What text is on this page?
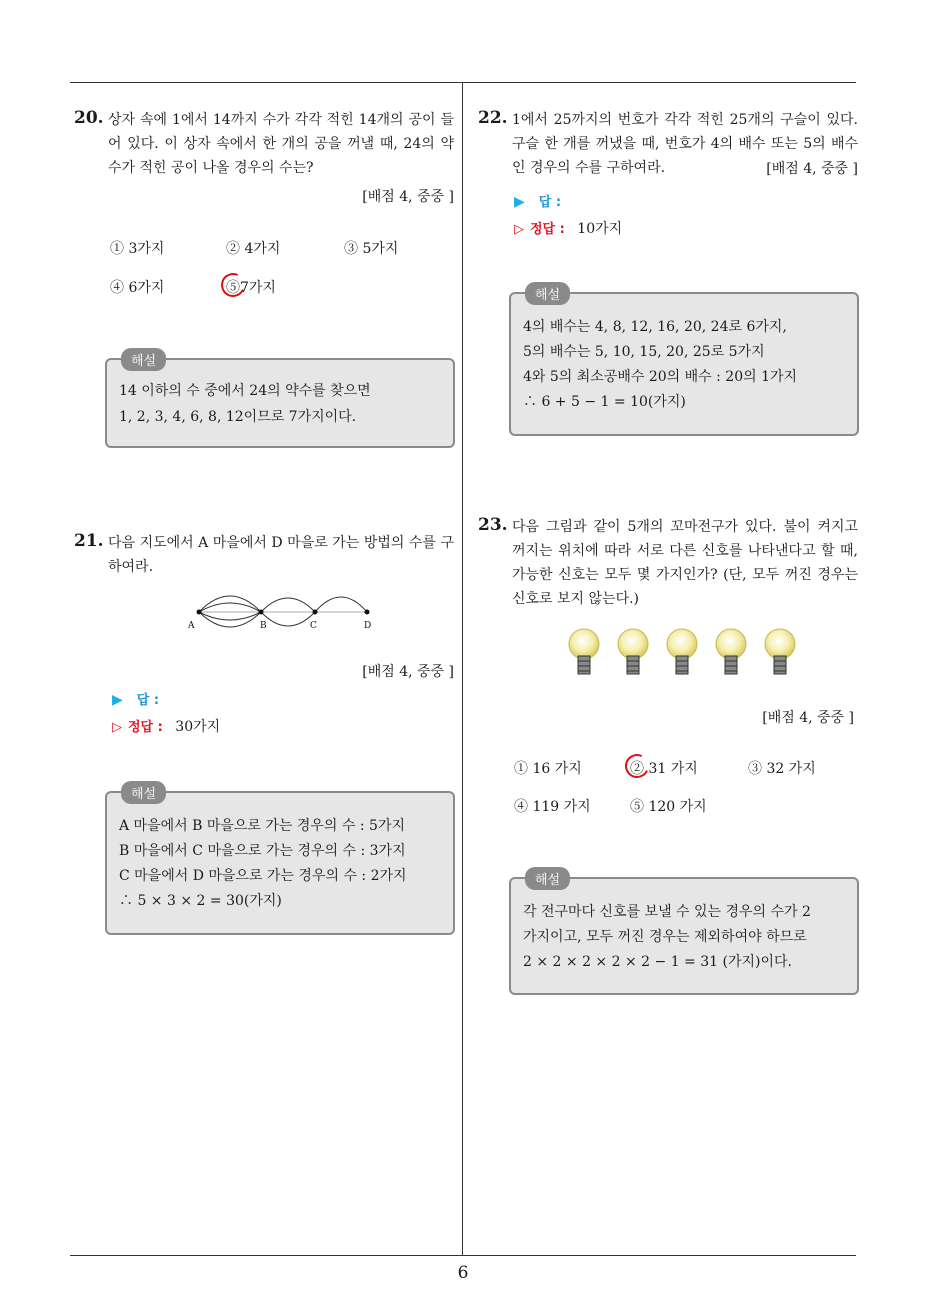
6
20. 상자 속에 1에서 14까지 수가 각각 적힌 14개의 공이 들어 있다. 이 상자 속에서 한 개의 공을 꺼낼 때, 24의 약수가 적힌 공이 나올 경우의 수는?
[배점 4, 중중 ]
① 3가지	② 4가지	③ 5가지
④ 6가지	⑤7가지
해설
14 이하의 수 중에서 24의 약수를 찾으면
1, 2, 3, 4, 6, 8, 12이므로 7가지이다.
21. 다음 지도에서 A 마을에서 D 마을로 가는 방법의 수를 구하여라.
A	B	C	D
[배점 4, 중중 ]
▶ 답 :
▷ 정답 : 30가지
해설
A 마을에서 B 마을으로 가는 경우의 수 : 5가지
B 마을에서 C 마을으로 가는 경우의 수 : 3가지
C 마을에서 D 마을으로 가는 경우의 수 : 2가지
∴ 5 × 3 × 2 = 30(가지)
22. 1에서 25까지의 번호가 각각 적힌 25개의 구슬이 있다. 구슬 한 개를 꺼냈을 때, 번호가 4의 배수 또는 5의 배수인 경우의 수를 구하여라.	[배점 4, 중중 ]
▶ 답 :
▷ 정답 : 10가지
해설
4의 배수는 4, 8, 12, 16, 20, 24로 6가지,
5의 배수는 5, 10, 15, 20, 25로 5가지
4와 5의 최소공배수 20의 배수 : 20의 1가지
∴ 6 + 5 − 1 = 10(가지)
23. 다음 그림과 같이 5개의 꼬마전구가 있다. 불이 켜지고 꺼지는 위치에 따라 서로 다른 신호를 나타낸다고 할 때, 가능한 신호는 모두 몇 가지인가? (단, 모두 꺼진 경우는 신호로 보지 않는다.)
[배점 4, 중중 ]
① 16 가지	② 31 가지	③ 32 가지
④ 119 가지	⑤ 120 가지
해설
각 전구마다 신호를 보낼 수 있는 경우의 수가 2
가지이고, 모두 꺼진 경우는 제외하여야 하므로
2 × 2 × 2 × 2 × 2 − 1 = 31 (가지)이다.
